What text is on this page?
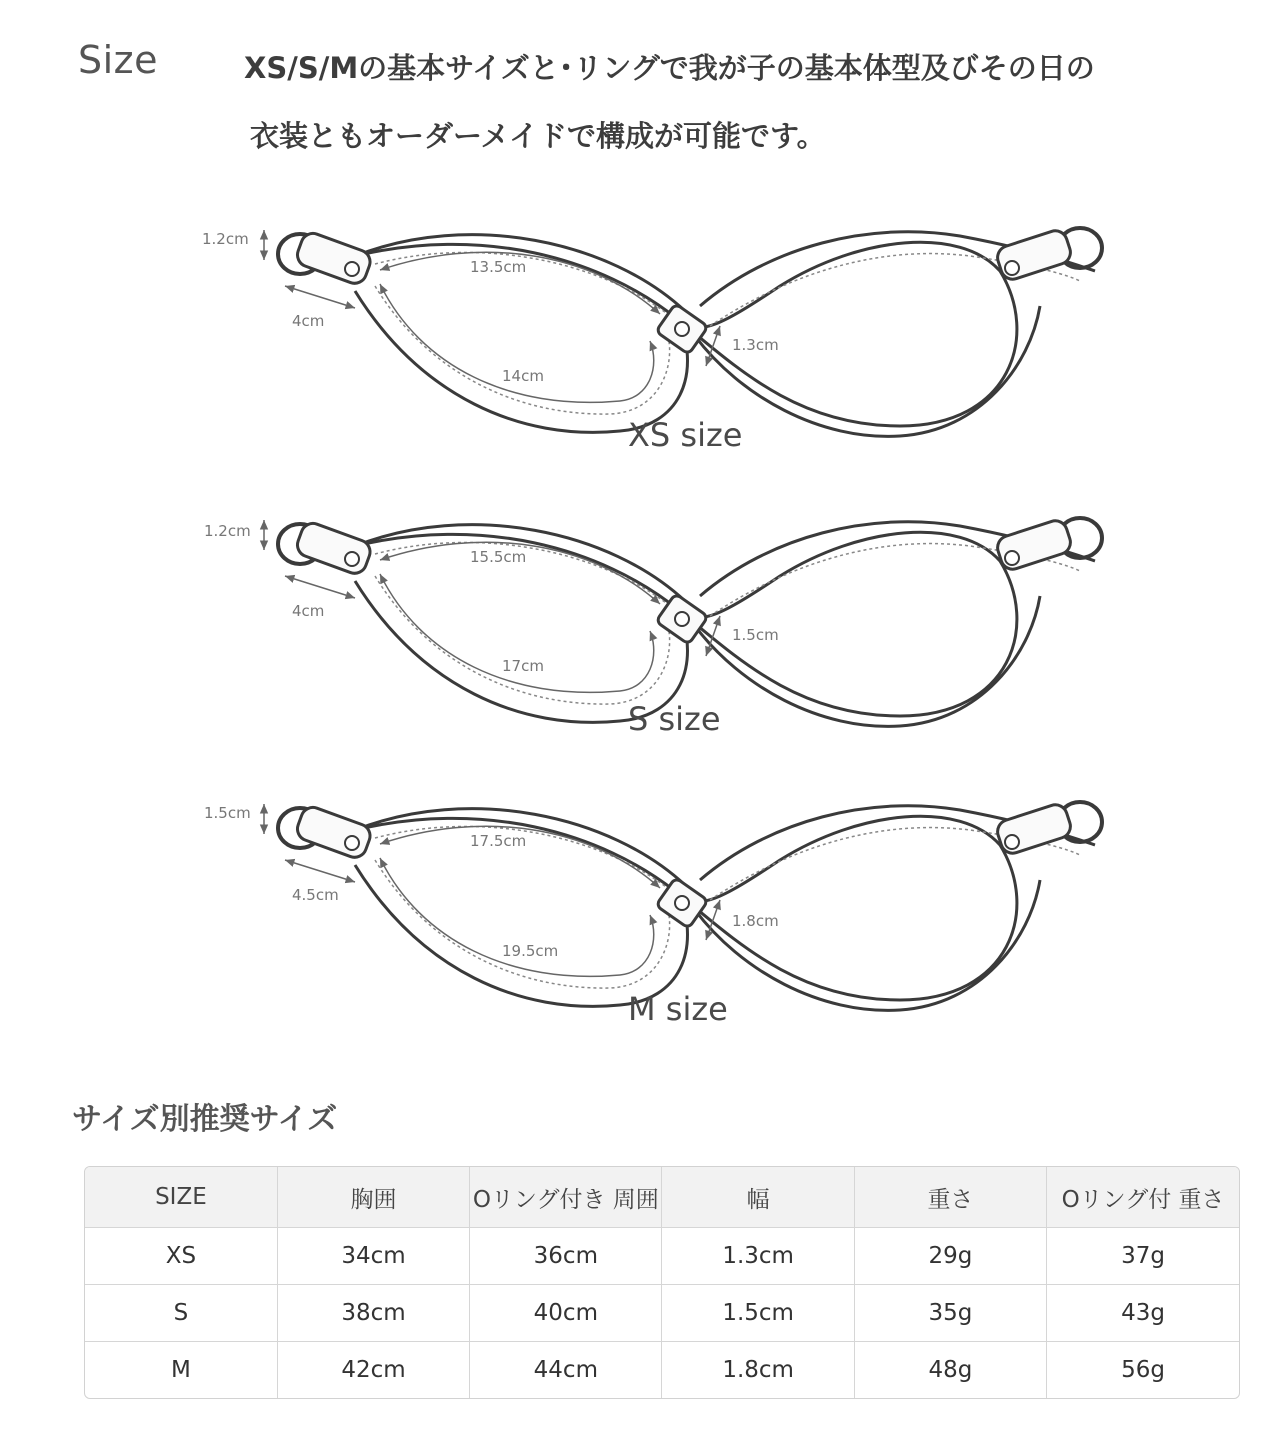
Size	XS/S/Mの基本サイズと･リングで我が子の基本体型及びその日の
衣装ともオーダーメイドで構成が可能です。
1.2cm
4cm
13.5cm
14cm
1.3cm
XS size
1.2cm
4cm
15.5cm
17cm
1.5cm
S size
1.5cm
4.5cm
17.5cm
19.5cm
1.8cm
M size
サイズ別推奨サイズ
SIZE	胸囲	Oリング付き 周囲	幅	重さ	Oリング付 重さ
XS	34cm	36cm	1.3cm	29g	37g
S	38cm	40cm	1.5cm	35g	43g
M	42cm	44cm	1.8cm	48g	56g
